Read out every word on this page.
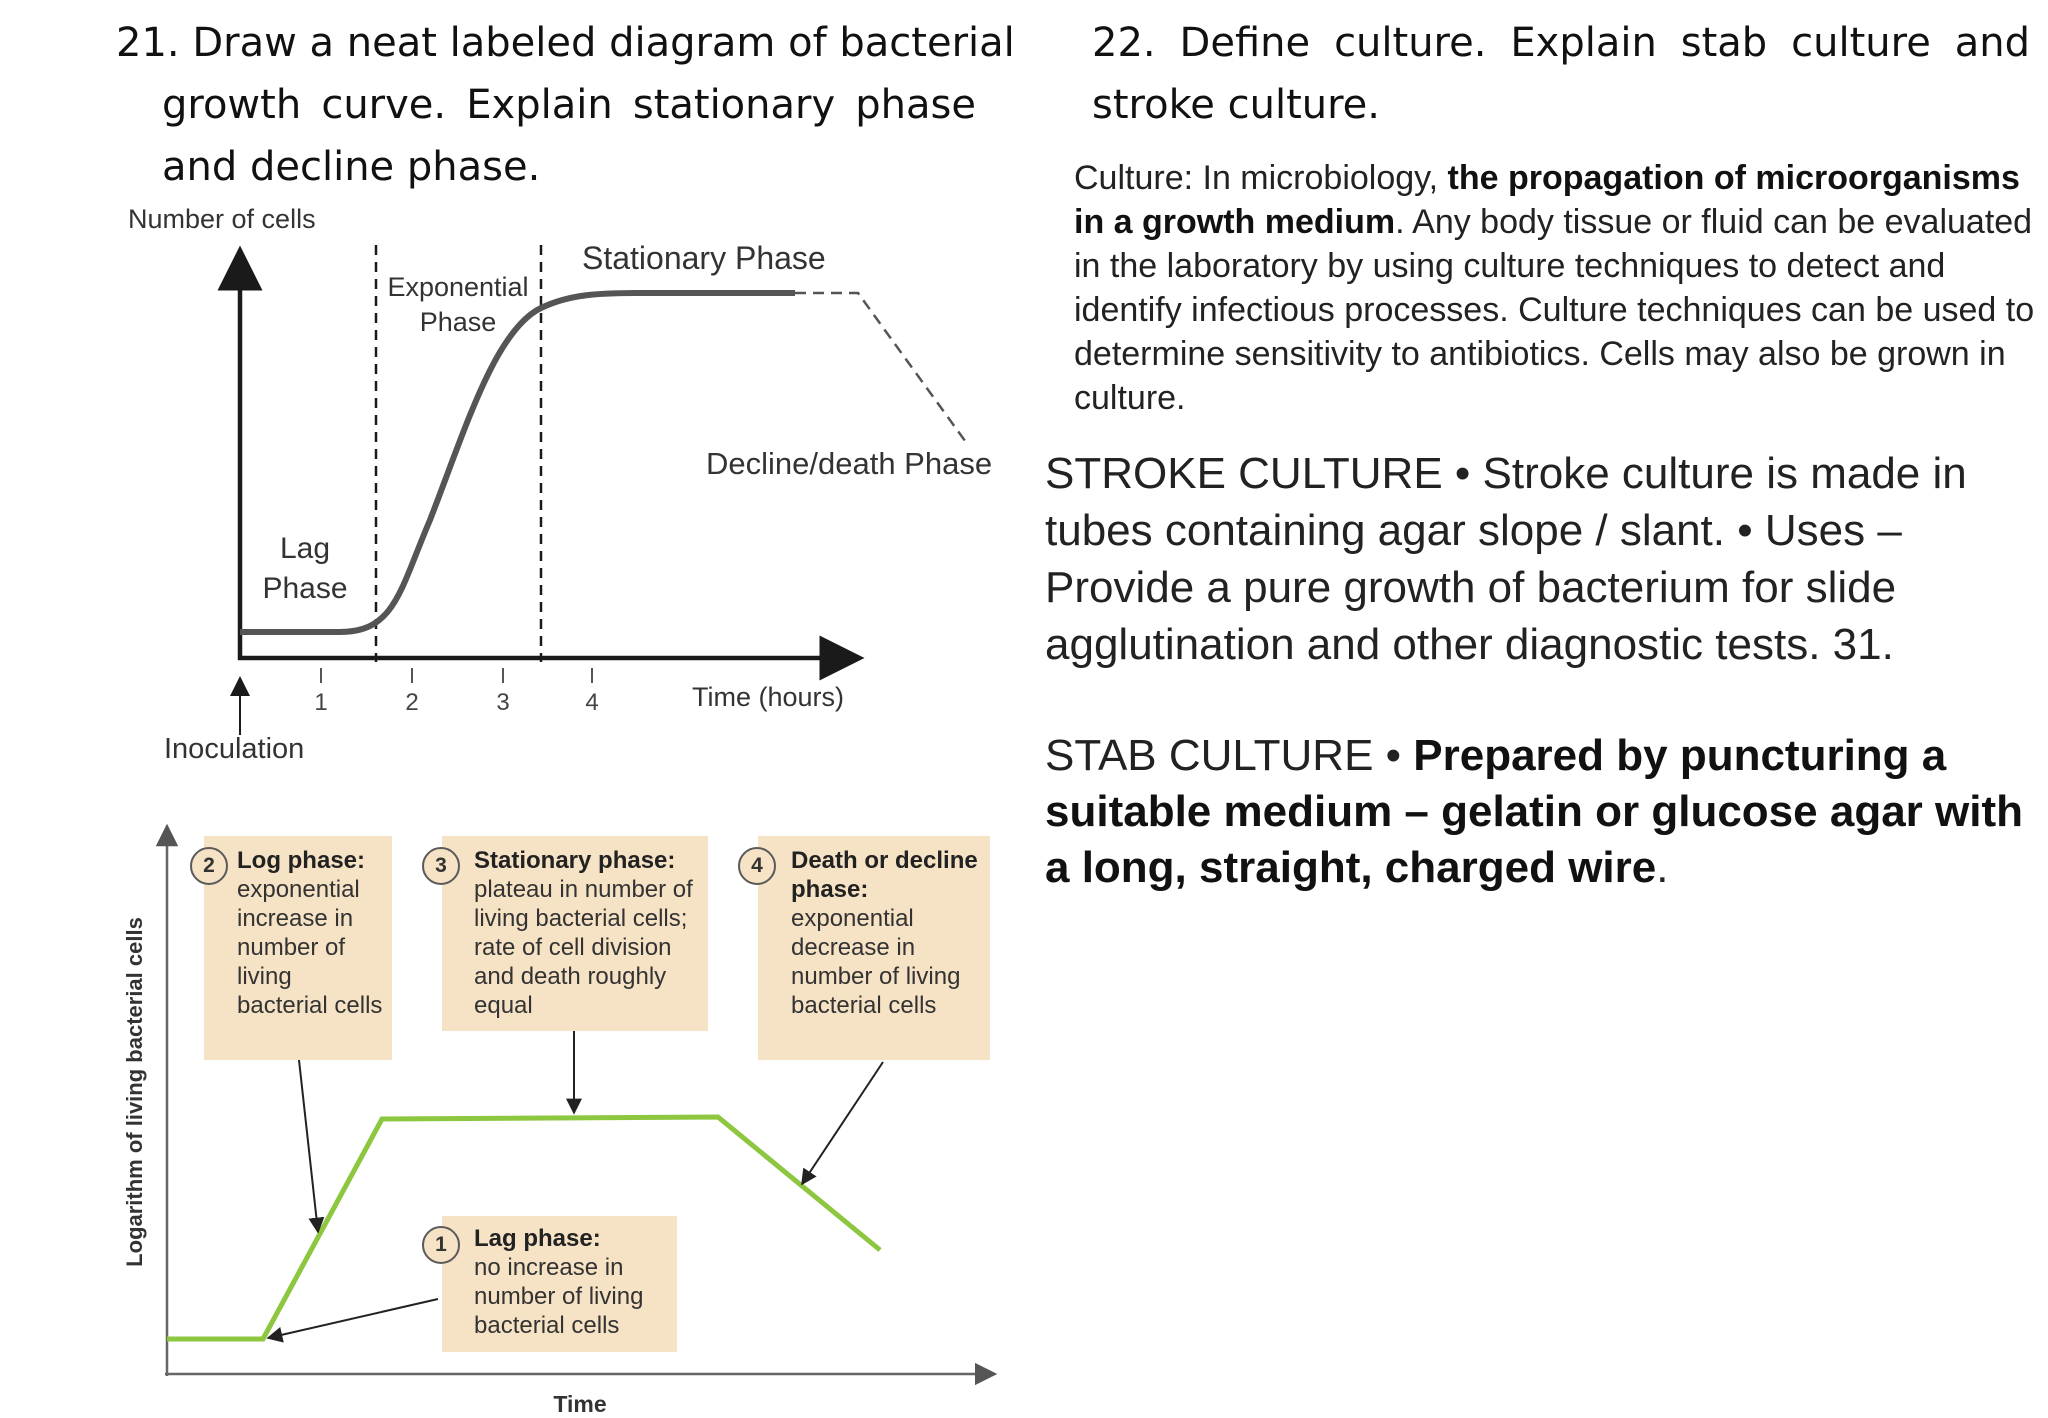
21. Draw a neat labeled diagram of bacterial
growth curve. Explain stationary phase
and decline phase.
22. Define culture. Explain stab culture and
stroke culture.
Culture: In microbiology, the propagation of microorganisms in a growth medium. Any body tissue or fluid can be evaluated in the laboratory by using culture techniques to detect and identify infectious processes. Culture techniques can be used to determine sensitivity to antibiotics. Cells may also be grown in culture.
STROKE CULTURE • Stroke culture is made in tubes containing agar slope / slant. • Uses – Provide a pure growth of bacterium for slide agglutination and other diagnostic tests. 31.
STAB CULTURE • Prepared by puncturing a suitable medium – gelatin or glucose agar with a long, straight, charged wire.
Number of cells
1	2	3	4	Time (hours)
Inoculation
Lag
Phase
Exponential
Phase
Stationary Phase
Decline/death Phase
Logarithm of living bacterial cells
Time
2 Log phase:
exponential increase in number of living bacterial cells
3	Stationary phase:
plateau in number of living bacterial cells; rate of cell division and death roughly equal
4	Death or decline phase:
exponential decrease in number of living bacterial cells
1	Lag phase:
no increase in number of living bacterial cells
